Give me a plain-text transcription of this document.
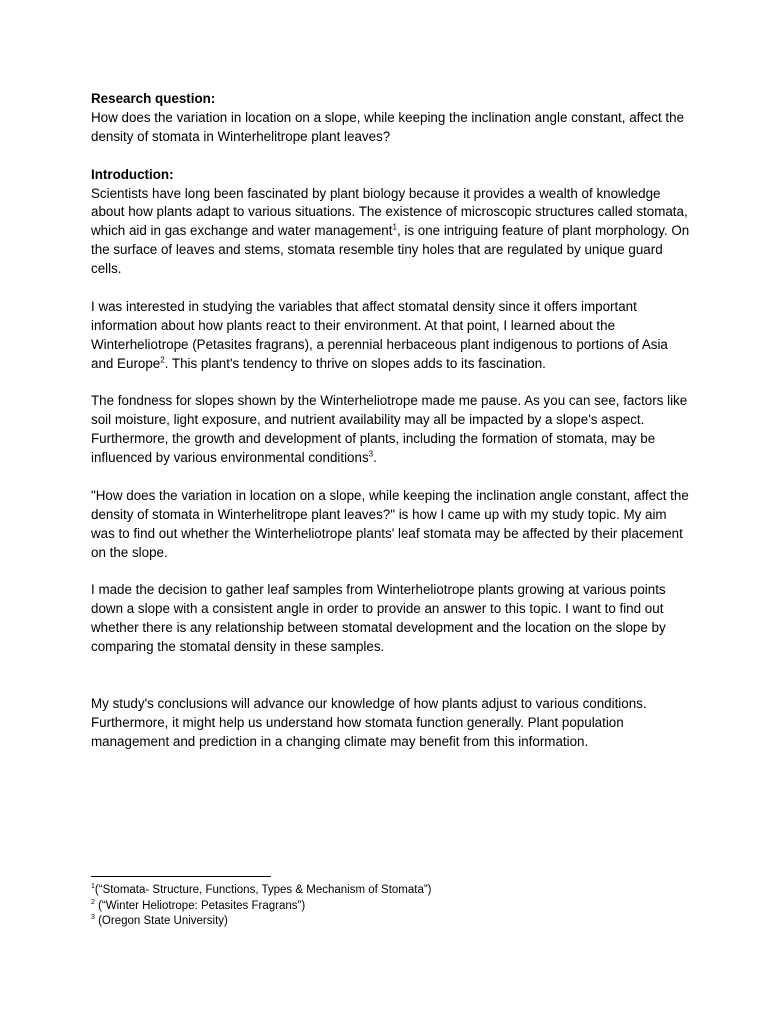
Research question:

How does the variation in location on a slope, while keeping the inclination angle constant, affect the density of stomata in Winterhelitrope plant leaves?

Introduction:

Scientists have long been fascinated by plant biology because it provides a wealth of knowledge about how plants adapt to various situations. The existence of microscopic structures called stomata, which aid in gas exchange and water management$^1$, is one intriguing feature of plant morphology. On the surface of leaves and stems, stomata resemble tiny holes that are regulated by unique guard cells.

I was interested in studying the variables that affect stomatal density since it offers important information about how plants react to their environment. At that point, I learned about the Winterheliotrope (Petasites fragrans), a perennial herbaceous plant indigenous to portions of Asia and Europe$^2$. This plant's tendency to thrive on slopes adds to its fascination.

The fondness for slopes shown by the Winterheliotrope made me pause. As you can see, factors like soil moisture, light exposure, and nutrient availability may all be impacted by a slope's aspect. Furthermore, the growth and development of plants, including the formation of stomata, may be influenced by various environmental conditions$^3$.

"How does the variation in location on a slope, while keeping the inclination angle constant, affect the density of stomata in Winterhelitrope plant leaves?" is how I came up with my study topic. My aim was to find out whether the Winterheliotrope plants' leaf stomata may be affected by their placement on the slope.

I made the decision to gather leaf samples from Winterheliotrope plants growing at various points down a slope with a consistent angle in order to provide an answer to this topic. I want to find out whether there is any relationship between stomatal development and the location on the slope by comparing the stomatal density in these samples.

My study's conclusions will advance our knowledge of how plants adjust to various conditions. Furthermore, it might help us understand how stomata function generally. Plant population management and prediction in a changing climate may benefit from this information.

$^1$(“Stomata- Structure, Functions, Types & Mechanism of Stomata”)
$^2$ (“Winter Heliotrope: Petasites Fragrans”)
$^3$ (Oregon State University)
